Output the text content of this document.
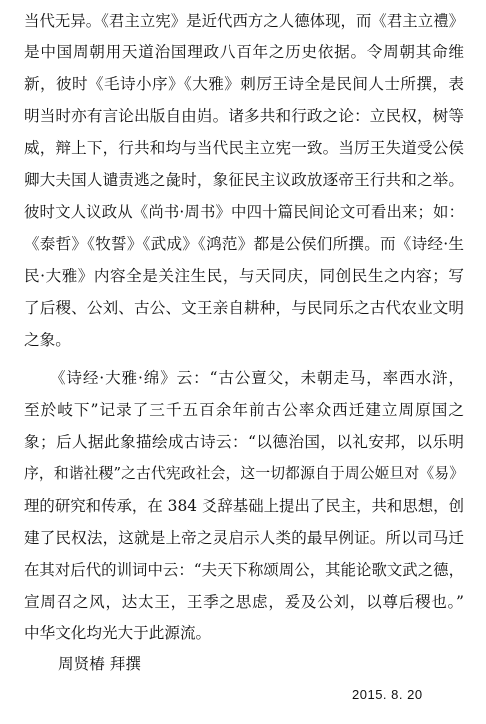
当代无异。《君主立宪》是近代西方之人德体现，而《君主立禮》
是中国周朝用天道治国理政八百年之历史依据。令周朝其命维
新，彼时《毛诗小序》《大雅》刺厉王诗全是民间人士所撰，表
明当时亦有言论出版自由岿。诸多共和行政之论：立民权，树等
威，辩上下，行共和均与当代民主立宪一致。当厉王失道受公侯
卿大夫国人谴责逃之彘时，象征民主议政放逐帝王行共和之举。
彼时文人议政从《尚书·周书》中四十篇民间论文可看出来；如：
《泰哲》《牧誓》《武成》《鸿范》都是公侯们所撰。而《诗经·生
民·大雅》内容全是关注生民，与天同庆，同创民生之内容；写
了后稷、公刘、古公、文王亲自耕种，与民同乐之古代农业文明
之象。
《诗经·大雅·绵》云：“古公亶父，未朝走马，率西水浒，
至於岐下”记录了三千五百余年前古公率众西迁建立周原国之
象；后人据此象描绘成古诗云：“以德治国，以礼安邦，以乐明
序，和谐社稷”之古代宪政社会，这一切都源自于周公姬旦对《易》
理的研究和传承，在 384 爻辞基础上提出了民主，共和思想，创
建了民权法，这就是上帝之灵启示人类的最早例证。所以司马迁
在其对后代的训词中云：“夫天下称颂周公，其能论歌文武之德，
宣周召之风，达太王，王季之思虑，爰及公刘，以尊后稷也。”
中华文化均光大于此源流。
周贤椿 拜撰
2015. 8. 20
